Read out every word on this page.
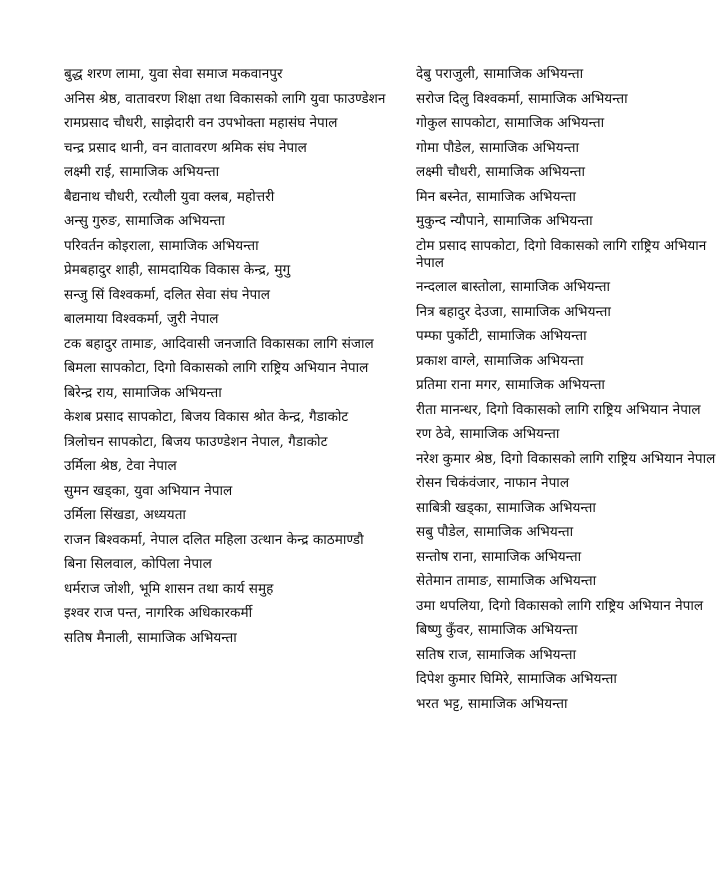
बुद्ध शरण लामा, युवा सेवा समाज मकवानपुर
अनिस श्रेष्ठ, वातावरण शिक्षा तथा विकासको लागि युवा फाउण्डेशन
रामप्रसाद चौधरी, साझेदारी वन उपभोक्ता महासंघ नेपाल
चन्द्र प्रसाद थानी, वन वातावरण श्रमिक संघ नेपाल
लक्ष्मी राई, सामाजिक अभियन्ता
बैद्यनाथ चौधरी, रत्यौली युवा क्लब, महोत्तरी
अन्सु गुरुङ, सामाजिक अभियन्ता
परिवर्तन कोइराला, सामाजिक अभियन्ता
प्रेमबहादुर शाही, सामदायिक विकास केन्द्र, मुगु
सन्जु सिं विश्वकर्मा, दलित सेवा संघ नेपाल
बालमाया विश्वकर्मा, जुरी नेपाल
टक बहादुर तामाङ, आदिवासी जनजाति विकासका लागि संजाल
बिमला सापकोटा, दिगो विकासको लागि राष्ट्रिय अभियान नेपाल
बिरेन्द्र राय, सामाजिक अभियन्ता
केशब प्रसाद सापकोटा, बिजय विकास श्रोत केन्द्र, गैडाकोट
त्रिलोचन सापकोटा, बिजय फाउण्डेशन नेपाल, गैडाकोट
उर्मिला श्रेष्ठ, टेवा नेपाल
सुमन खड्का, युवा अभियान नेपाल
उर्मिला सिंखडा, अध्ययता
राजन बिश्वकर्मा, नेपाल दलित महिला उत्थान केन्द्र काठमाण्डौ
बिना सिलवाल, कोपिला नेपाल
धर्मराज जोशी, भूमि शासन तथा कार्य समुह
इश्वर राज पन्त, नागरिक अधिकारकर्मी
सतिष मैनाली, सामाजिक अभियन्ता
देबु पराजुली, सामाजिक अभियन्ता
सरोज दिलु विश्वकर्मा, सामाजिक अभियन्ता
गोकुल सापकोटा, सामाजिक अभियन्ता
गोमा पौडेल, सामाजिक अभियन्ता
लक्ष्मी चौधरी, सामाजिक अभियन्ता
मिन बस्नेत, सामाजिक अभियन्ता
मुकुन्द न्यौपाने, सामाजिक अभियन्ता
टोम प्रसाद सापकोटा, दिगो विकासको लागि राष्ट्रिय अभियान नेपाल
नन्दलाल बास्तोला, सामाजिक अभियन्ता
नित्र बहादुर देउजा, सामाजिक अभियन्ता
पम्फा पुर्कोटी, सामाजिक अभियन्ता
प्रकाश वाग्ले, सामाजिक अभियन्ता
प्रतिमा राना मगर, सामाजिक अभियन्ता
रीता मानन्धर, दिगो विकासको लागि राष्ट्रिय अभियान नेपाल
रण ठेवे, सामाजिक अभियन्ता
नरेश कुमार श्रेष्ठ, दिगो विकासको लागि राष्ट्रिय अभियान नेपाल
रोसन चिकंवंजार, नाफान नेपाल
साबित्री खड्का, सामाजिक अभियन्ता
सबु पौडेल, सामाजिक अभियन्ता
सन्तोष राना, सामाजिक अभियन्ता
सेतेमान तामाङ, सामाजिक अभियन्ता
उमा थपलिया, दिगो विकासको लागि राष्ट्रिय अभियान नेपाल
बिष्णु कुँवर, सामाजिक अभियन्ता
सतिष राज, सामाजिक अभियन्ता
दिपेश कुमार घिमिरे, सामाजिक अभियन्ता
भरत भट्ट, सामाजिक अभियन्ता
